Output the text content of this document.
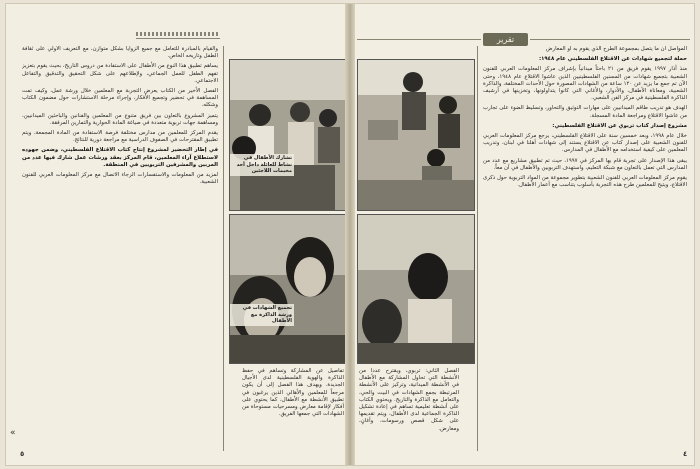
تشارك الأطفال في نشاط للعائلة داخل أحد مخيمات اللاجئين
تجميع الشهادات في ورشة الذاكرة مع الأطفال

تفاصيل عن المشاركة وتساهم في حفظ الذاكرة والهوية الفلسطينية لدى الأجيال الجديدة. ويهدف هذا الفصل إلى أن يكون مرجعاً للمعلمين والأهالي الذين يرغبون في تطبيق الأنشطة مع الأطفال، كما يحتوي على أفكار لإقامة معارض ومسرحيات مستوحاة من الشهادات التي جمعها الفريق.

والقيام بالمبادرة للتعامل مع جميع الزوايا بشكل متوازن، مع التعريف الأولي على ثقافة الطفل وتاريخه الخاص.

يساهم تطبيق هذا النوع من الأطفال على الاستفادة من دروس التاريخ، بحيث يقوم بتعزيز تفهم الطفل للعمل الجماعي، ولإطلاعهم على شكل التحقيق والتدقيق والتفاعل الاجتماعي.

الفصل الأخير من الكتاب يعرض التجربة مع المعلمين خلال ورشة عمل، وكيف تمت المساهمة في تحضير وتجميع الأفكار، وإجراء مرحلة الاستشارات حول مضمون الكتاب وشكله.

يتميز المشروع بالتعاون بين فريق متنوع من المعلمين والفنانين والباحثين الميدانيين، ومساهمة جهات تربوية متعددة في صياغة المادة الحوارية والتمارين المرفقة.

يقدم المركز للمعلمين من مدارس مختلفة فرصة الاستفادة من المادة المجمعة، ويتم تطبيق المقترحات في الصفوف الدراسية مع مراجعة دورية للنتائج.

في إطار التحضير لمشروع إنتاج كتاب الاقتلاع الفلسطيني، وضمن جهوده لاستطلاع آراء المعلمين، قام المركز بعقد ورشات عمل شارك فيها عدد من المربين والمشرفين التربويين في المنطقة.

لمزيد من المعلومات والاستفسارات الرجاء الاتصال مع مركز المعلومات العربي للفنون الشعبية.

«
٥
تقرير

الفصل الثاني: تربوي، ويقترح عدداً من الأنشطة التي تحاول المشاركة مع الأطفال في الأنشطة الميدانية، وتركيز على الأنشطة المرتبطة بجمع الشهادات في البيت والحي، والتعامل مع الذاكرة والتاريخ. ويحتوي الكتاب على أنشطة تعليمية تساهم في إعادة تشكيل الذاكرة الجماعية لدى الأطفال، ويتم تقديمها على شكل قصص ورسومات، وأغانٍ، ومعارض.

المواصل أن ما يتصل بمجموعة الطرح الذي يقوم به أو المعارض

حملة لتجميع شهادات عن الاقتلاع الفلسطيني عام ١٩٤٨:

منذ آذار ١٩٩٧ يقوم فريق من ٢١ باحثاً ميدانياً بإشراف مركز المعلومات العربي للفنون الشعبية بتجميع شهادات من المسنين الفلسطينيين الذين عاشوا الاقتلاع عام ١٩٤٨، وحتى الآن تم جمع ما يزيد عن ١٢٠ ساعة من الشهادات المصورة حول الأحداث المختلفة، والذاكرة الشعبية، ومعاناة الأطفال، والأدوار، والأغاني التي كانوا يتداولونها، وتخزينها في أرشيف الذاكرة الفلسطينية في مركز الفن الشعبي.

الهدف هو تدريب طاقم الميدانيين على مهارات التوثيق والتحاور، وتسليط الضوء على تجارب من عاشوا الاقتلاع ومراجعة المادة المسجلة.

مشروع إصدار كتاب تربوي عن الاقتلاع الفلسطيني:

خلال عام ١٩٩٨، وبعد خمسين سنة على الاقتلاع الفلسطيني، يرجع مركز المعلومات العربي للفنون الشعبية على إصدار كتاب عن الاقتلاع يستند إلى شهادات أهلنا في لبنان، وتدريب المعلمين على كيفية استخدامه مع الأطفال في المدارس.

يبقى هذا الإصدار على تجربة قام بها المركز في ١٩٩٧، حيث تم تطبيق مشاريع مع عدد من المدارس التي تعمل بالتعاون مع شبكة التعليم، واستهدف التربويين والأطفال في آن معاً.

يقوم مركز المعلومات العربي للفنون الشعبية بتطوير مجموعة من المواد التربوية حول ذكرى الاقتلاع، ويتيح للمعلمين طرح هذه التجربة بأسلوب يتناسب مع أعمار الأطفال.

٤
